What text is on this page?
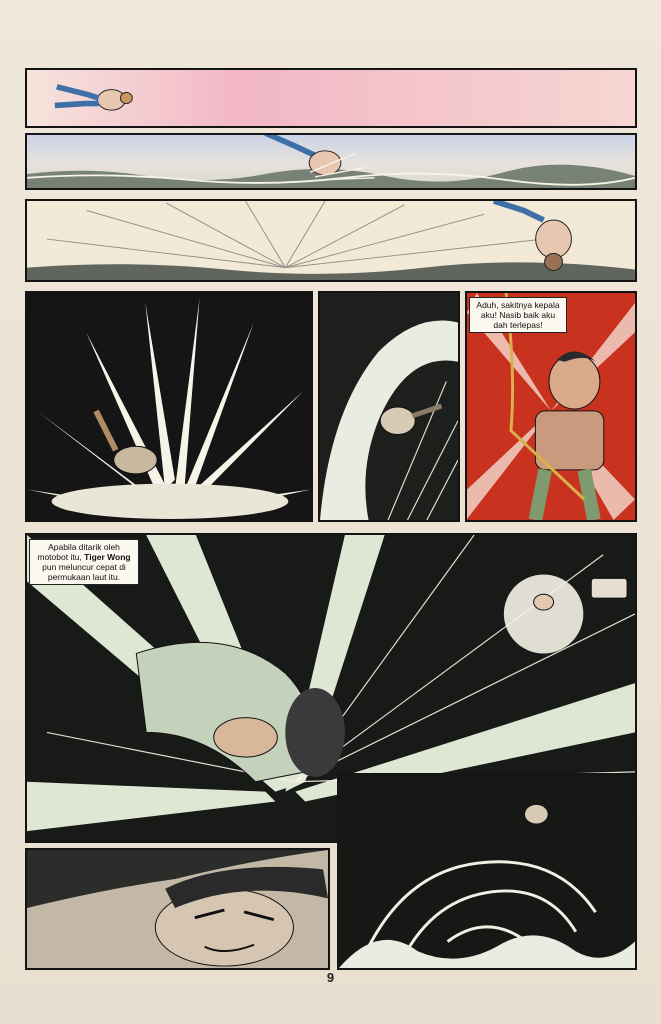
Aduh, sakitnya kepala aku! Nasib baik aku dah terlepas!
Apabila ditarik oleh motobot itu, Tiger Wong pun meluncur cepat di permukaan laut itu.
9
